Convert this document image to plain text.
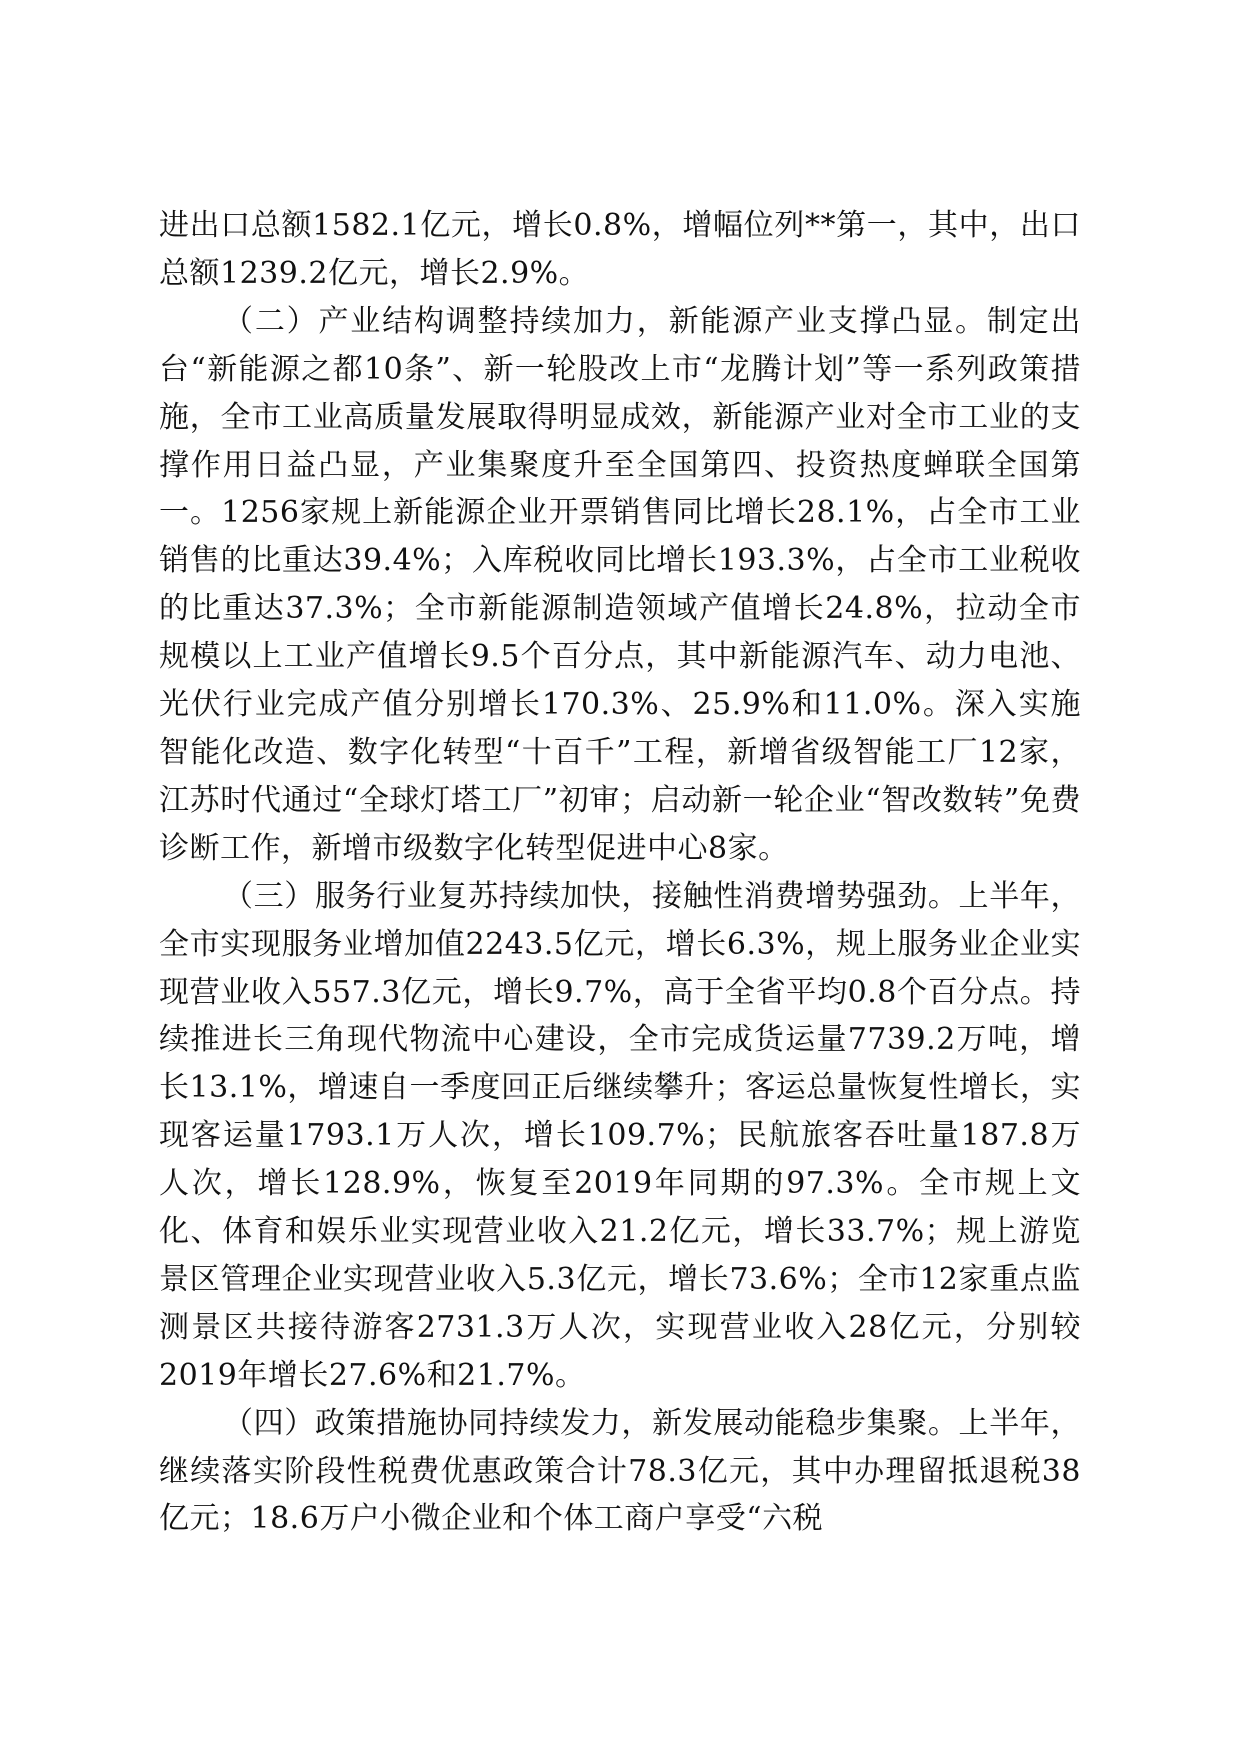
进出口总额1582.1亿元，增长0.8%，增幅位列**第一，其中，出口总额1239.2亿元，增长2.9%。

（二）产业结构调整持续加力，新能源产业支撑凸显。制定出台“新能源之都10条”、新一轮股改上市“龙腾计划”等一系列政策措施，全市工业高质量发展取得明显成效，新能源产业对全市工业的支撑作用日益凸显，产业集聚度升至全国第四、投资热度蝉联全国第一。1256家规上新能源企业开票销售同比增长28.1%，占全市工业销售的比重达39.4%；入库税收同比增长193.3%，占全市工业税收的比重达37.3%；全市新能源制造领域产值增长24.8%，拉动全市规模以上工业产值增长9.5个百分点，其中新能源汽车、动力电池、光伏行业完成产值分别增长170.3%、25.9%和11.0%。深入实施智能化改造、数字化转型“十百千”工程，新增省级智能工厂12家，江苏时代通过“全球灯塔工厂”初审；启动新一轮企业“智改数转”免费诊断工作，新增市级数字化转型促进中心8家。

（三）服务行业复苏持续加快，接触性消费增势强劲。上半年，全市实现服务业增加值2243.5亿元，增长6.3%，规上服务业企业实现营业收入557.3亿元，增长9.7%，高于全省平均0.8个百分点。持续推进长三角现代物流中心建设，全市完成货运量7739.2万吨，增长13.1%，增速自一季度回正后继续攀升；客运总量恢复性增长，实现客运量1793.1万人次，增长109.7%；民航旅客吞吐量187.8万人次，增长128.9%，恢复至2019年同期的97.3%。全市规上文化、体育和娱乐业实现营业收入21.2亿元，增长33.7%；规上游览景区管理企业实现营业收入5.3亿元，增长73.6%；全市12家重点监测景区共接待游客2731.3万人次，实现营业收入28亿元，分别较2019年增长27.6%和21.7%。

（四）政策措施协同持续发力，新发展动能稳步集聚。上半年，继续落实阶段性税费优惠政策合计78.3亿元，其中办理留抵退税38亿元；18.6万户小微企业和个体工商户享受“六税
